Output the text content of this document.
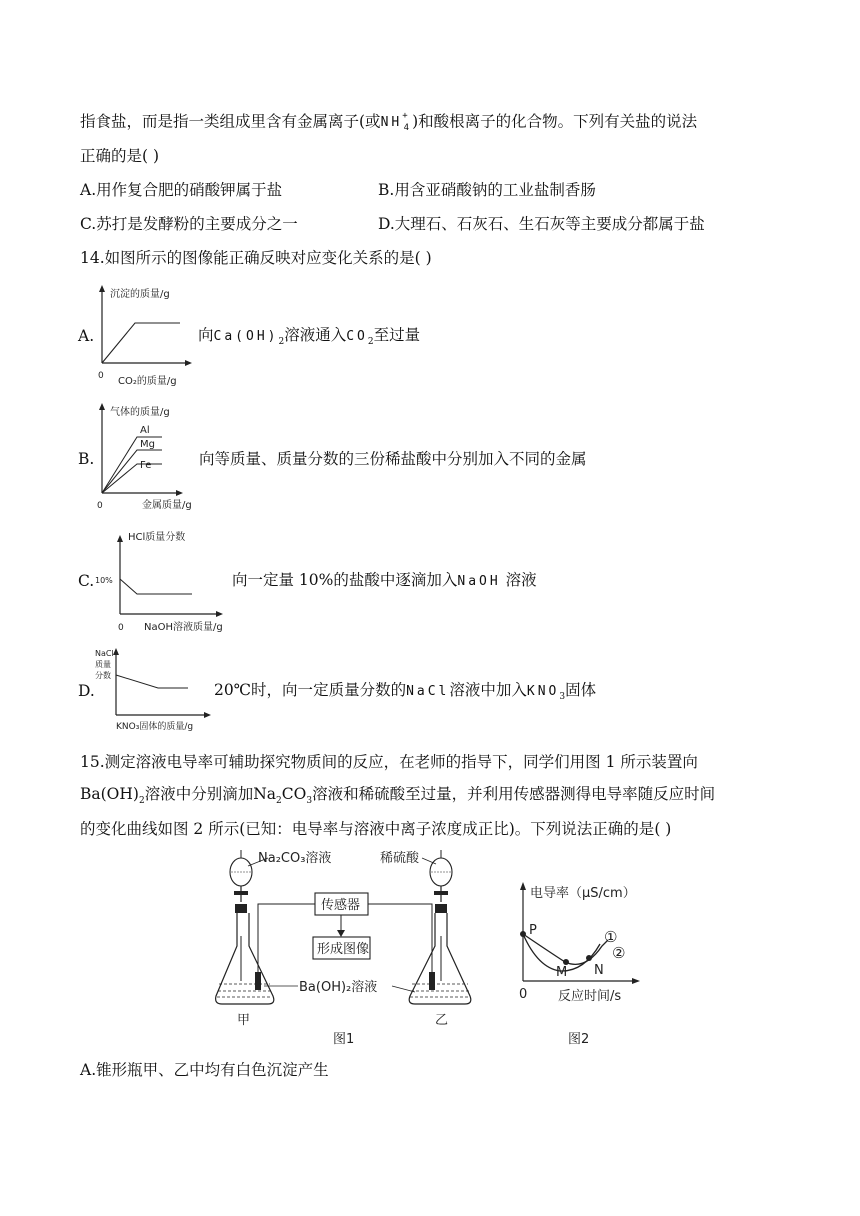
指食盐，而是指一类组成里含有金属离子(或$NH^+_4$)和酸根离子的化合物。下列有关盐的说法
正确的是( )
A.用作复合肥的硝酸钾属于盐	B.用含亚硝酸钠的工业盐制香肠
C.苏打是发酵粉的主要成分之一	D.大理石、石灰石、生石灰等主要成分都属于盐
14.如图所示的图像能正确反映对应变化关系的是( )
A.
沉淀的质量/g
0 CO₂的质量/g
向$Ca(OH)_2$溶液通入$CO_2$至过量
B.
气体的质量/g
Al
Mg
Fe
0	金属质量/g
向等质量、质量分数的三份稀盐酸中分别加入不同的金属
C.
HCl质量分数
10%
0 NaOH溶液质量/g
向一定量 10%的盐酸中逐滴加入NaOH 溶液
D.
NaCl
质量
分数
KNO₃固体的质量/g
20℃时，向一定质量分数的NaCl溶液中加入$KNO_3$固体
15.测定溶液电导率可辅助探究物质间的反应，在老师的指导下，同学们用图 1 所示装置向
$Ba(OH)_2$溶液中分别滴加$Na_2CO_3$溶液和稀硫酸至过量，并利用传感器测得电导率随反应时间
的变化曲线如图 2 所示(已知：电导率与溶液中离子浓度成正比)。下列说法正确的是( )
传感器
形成图像
Na₂CO₃溶液	稀硫酸
Ba(OH)₂溶液
甲	乙
图1
电导率（μS/cm）
P
M N
①
②
0 反应时间/s
图2
A.锥形瓶甲、乙中均有白色沉淀产生
